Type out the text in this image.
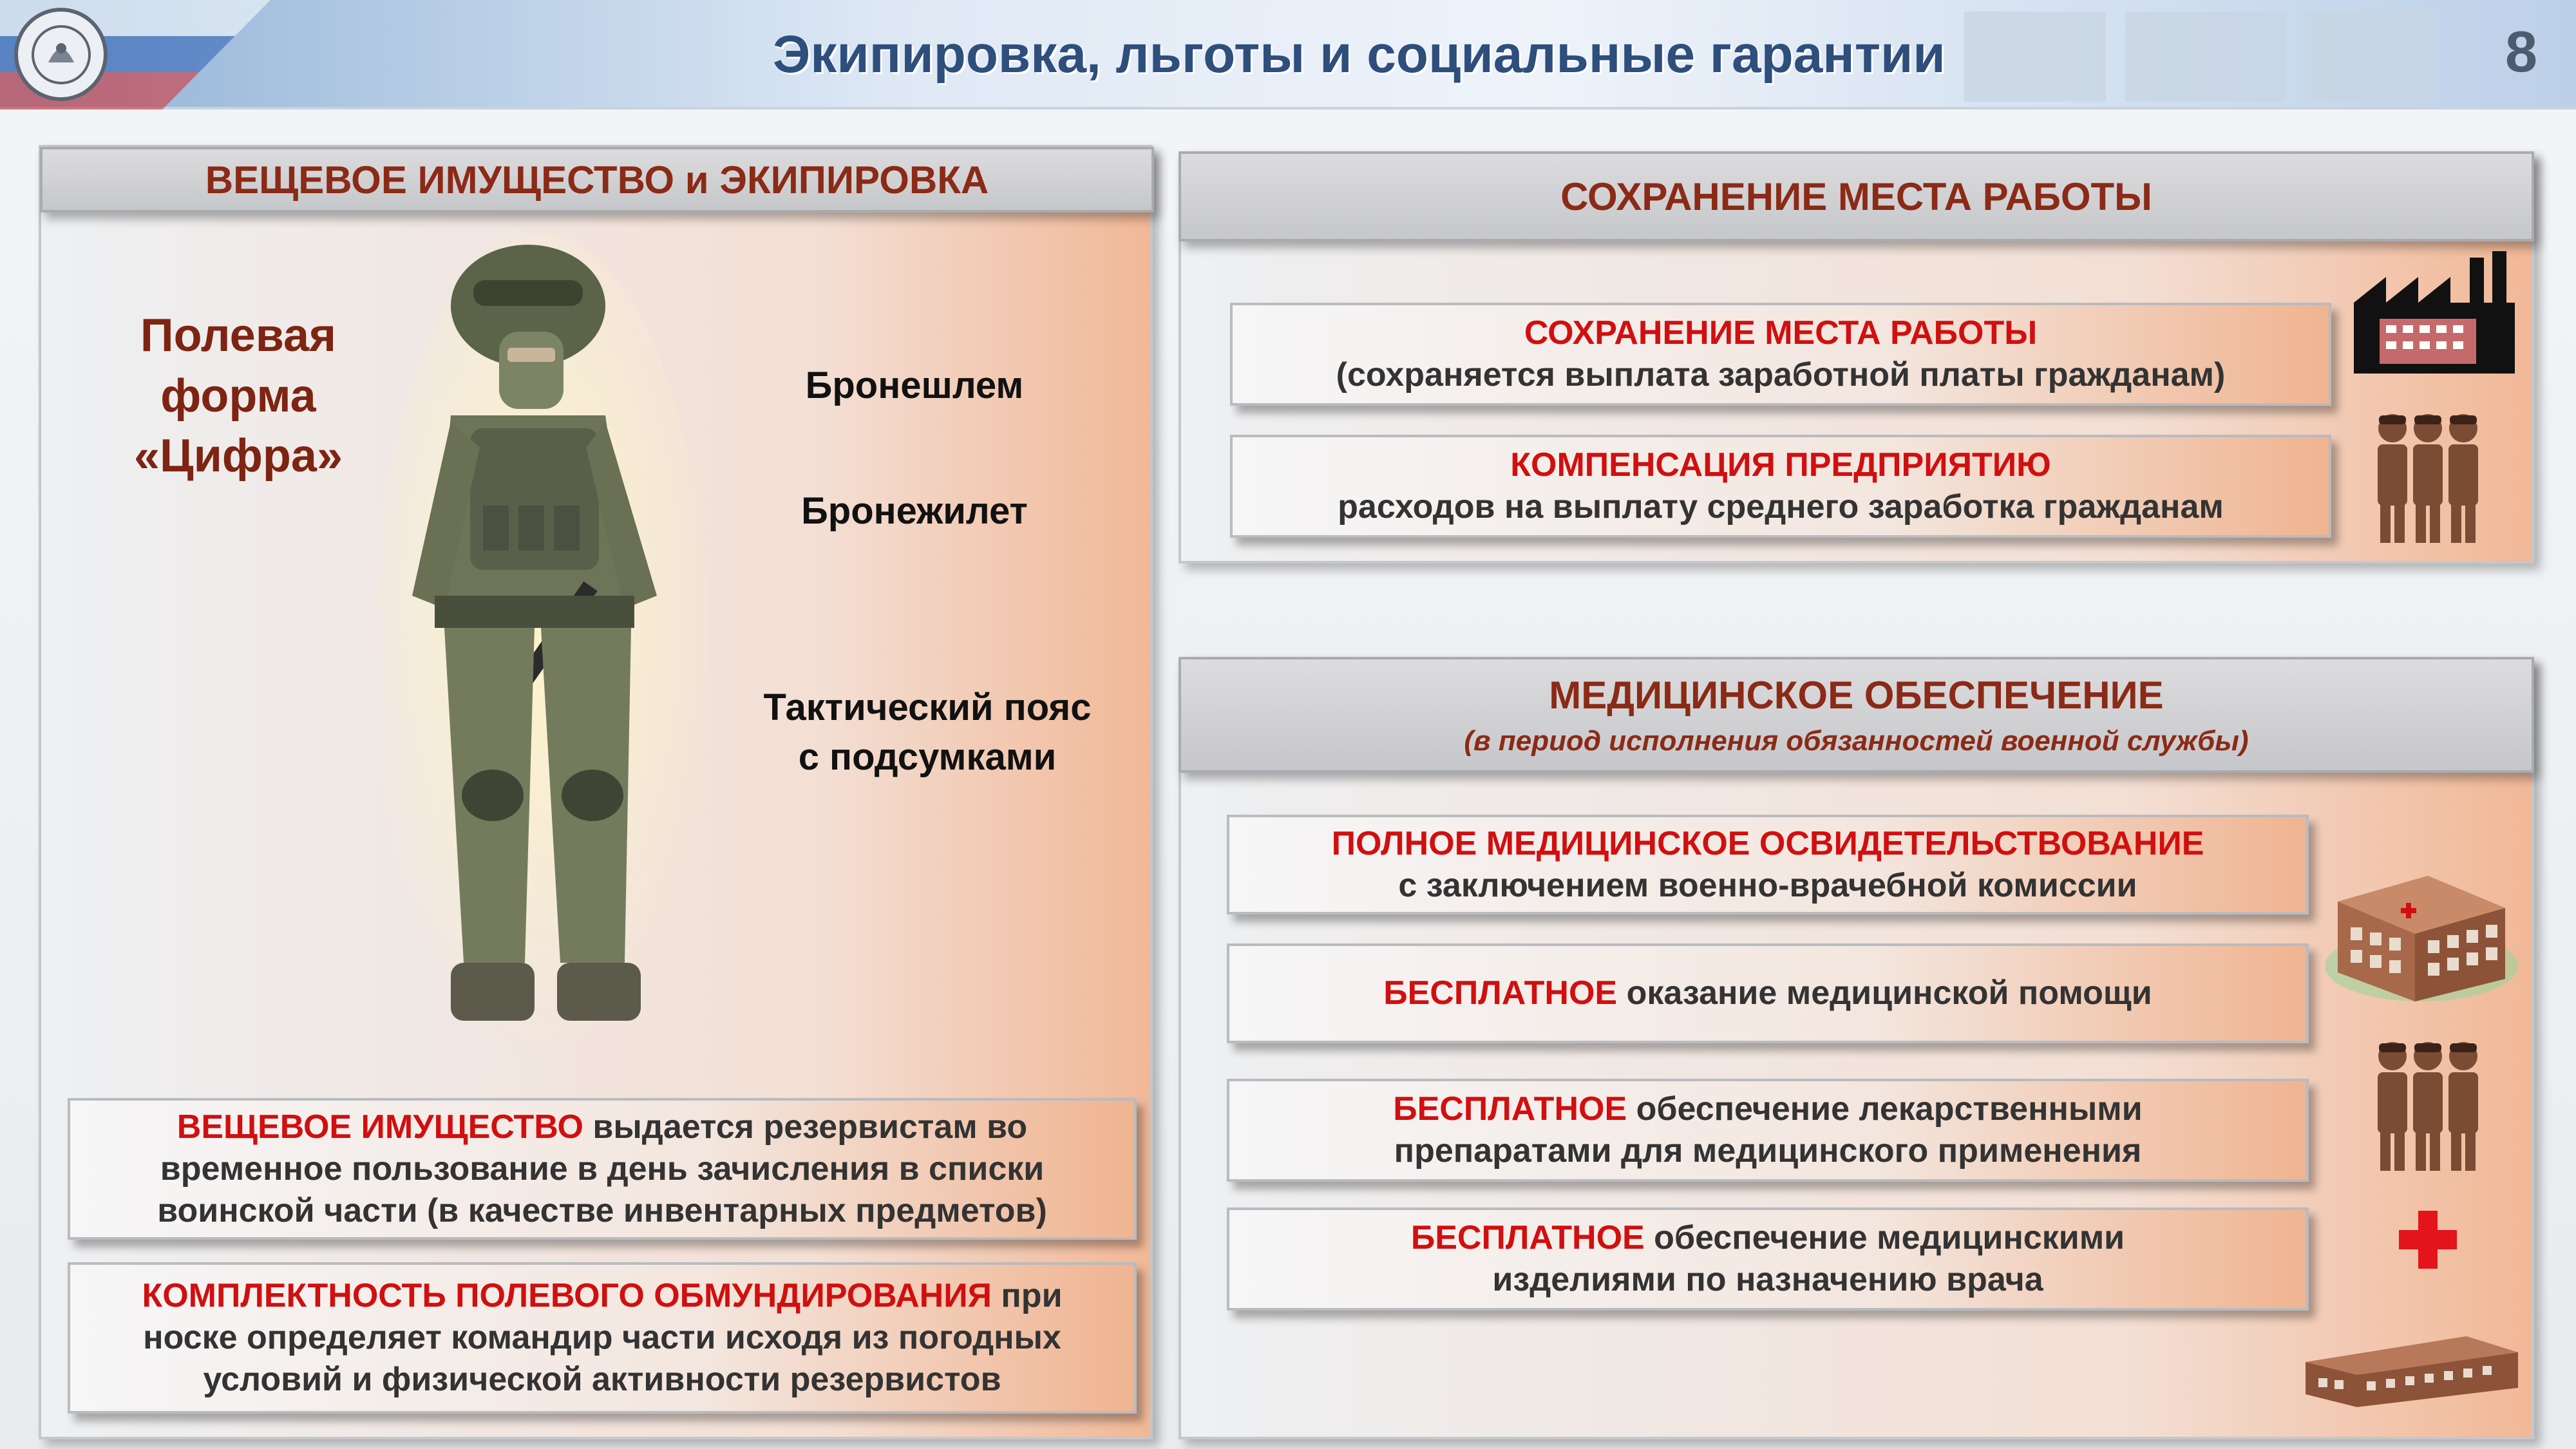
Экипировка, льготы и социальные гарантии	8
ВЕЩЕВОЕ ИМУЩЕСТВО и ЭКИПИРОВКА
Полевая форма «Цифра»
Бронешлем
Бронежилет
Тактический пояс
с подсумками
ВЕЩЕВОЕ ИМУЩЕСТВО выдается резервистам во временное пользование в день зачисления в списки воинской части (в качестве инвентарных предметов)
КОМПЛЕКТНОСТЬ ПОЛЕВОГО ОБМУНДИРОВАНИЯ при носке определяет командир части исходя из погодных условий и физической активности резервистов
СОХРАНЕНИЕ МЕСТА РАБОТЫ
СОХРАНЕНИЕ МЕСТА РАБОТЫ
(сохраняется выплата заработной платы гражданам)
КОМПЕНСАЦИЯ ПРЕДПРИЯТИЮ
расходов на выплату среднего заработка гражданам
МЕДИЦИНСКОЕ ОБЕСПЕЧЕНИЕ
(в период исполнения обязанностей военной службы)
ПОЛНОЕ МЕДИЦИНСКОЕ ОСВИДЕТЕЛЬСТВОВАНИЕ
с заключением военно-врачебной комиссии
БЕСПЛАТНОЕ оказание медицинской помощи
БЕСПЛАТНОЕ обеспечение лекарственными препаратами для медицинского применения
БЕСПЛАТНОЕ обеспечение медицинскими изделиями по назначению врача
